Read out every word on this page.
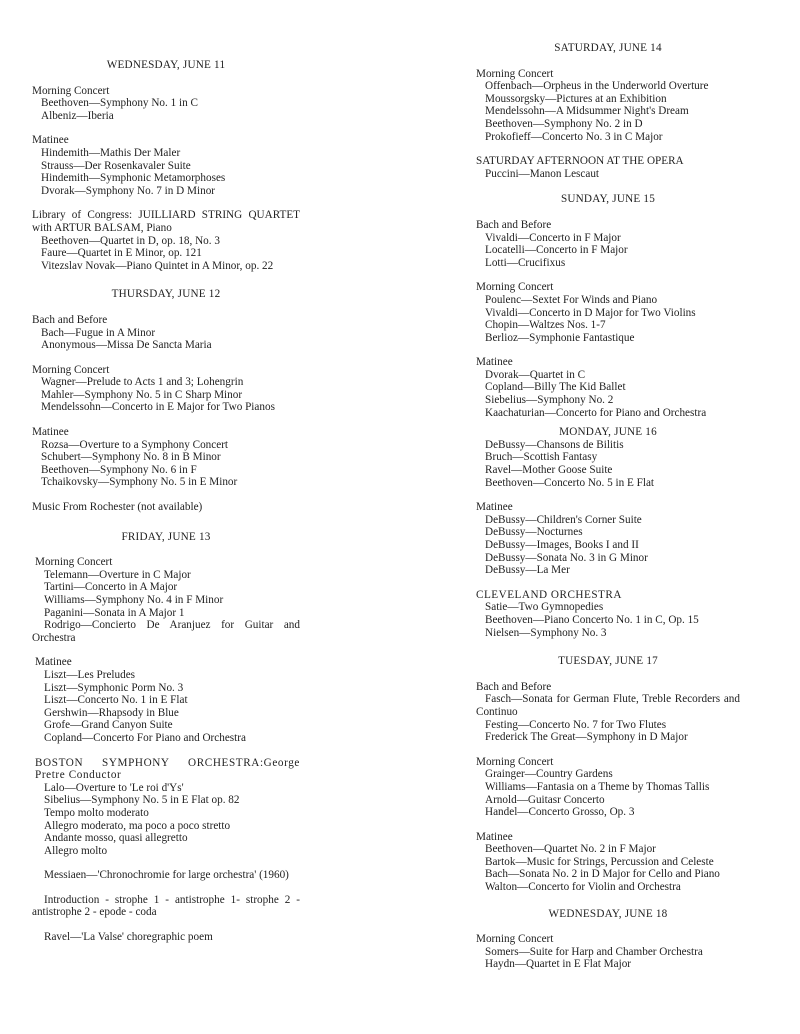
WEDNESDAY, JUNE 11
Morning Concert
Beethoven—Symphony No. 1 in C
Albeniz—Iberia
Matinee
Hindemith—Mathis Der Maler
Strauss—Der Rosenkavaler Suite
Hindemith—Symphonic Metamorphoses
Dvorak—Symphony No. 7 in D Minor
Library of Congress: JUILLIARD STRING QUARTET with ARTUR BALSAM, Piano
Beethoven—Quartet in D, op. 18, No. 3
Faure—Quartet in E Minor, op. 121
Vitezslav Novak—Piano Quintet in A Minor, op. 22
THURSDAY, JUNE 12
Bach and Before
Bach—Fugue in A Minor
Anonymous—Missa De Sancta Maria
Morning Concert
Wagner—Prelude to Acts 1 and 3; Lohengrin
Mahler—Symphony No. 5 in C Sharp Minor
Mendelssohn—Concerto in E Major for Two Pianos
Matinee
Rozsa—Overture to a Symphony Concert
Schubert—Symphony No. 8 in B Minor
Beethoven—Symphony No. 6 in F
Tchaikovsky—Symphony No. 5 in E Minor
Music From Rochester (not available)
FRIDAY, JUNE 13
Morning Concert
Telemann—Overture in C Major
Tartini—Concerto in A Major
Williams—Symphony No. 4 in F Minor
Paganini—Sonata in A Major 1
Rodrigo—Concierto De Aranjuez for Guitar and Orchestra
Matinee
Liszt—Les Preludes
Liszt—Symphonic Porm No. 3
Liszt—Concerto No. 1 in E Flat
Gershwin—Rhapsody in Blue
Grofe—Grand Canyon Suite
Copland—Concerto For Piano and Orchestra
BOSTON SYMPHONY ORCHESTRA:George Pretre Conductor
Lalo—Overture to 'Le roi d'Ys'
Sibelius—Symphony No. 5 in E Flat op. 82
Tempo molto moderato
Allegro moderato, ma poco a poco stretto
Andante mosso, quasi allegretto
Allegro molto
Messiaen—'Chronochromie for large orchestra' (1960)
Introduction - strophe 1 - antistrophe 1- strophe 2 - antistrophe 2 - epode - coda
Ravel—'La Valse' choregraphic poem
SATURDAY, JUNE 14
Morning Concert
Offenbach—Orpheus in the Underworld Overture
Moussorgsky—Pictures at an Exhibition
Mendelssohn—A Midsummer Night's Dream
Beethoven—Symphony No. 2 in D
Prokofieff—Concerto No. 3 in C Major
SATURDAY AFTERNOON AT THE OPERA
Puccini—Manon Lescaut
SUNDAY, JUNE 15
Bach and Before
Vivaldi—Concerto in F Major
Locatelli—Concerto in F Major
Lotti—Crucifixus
Morning Concert
Poulenc—Sextet For Winds and Piano
Vivaldi—Concerto in D Major for Two Violins
Chopin—Waltzes Nos. 1-7
Berlioz—Symphonie Fantastique
Matinee
Dvorak—Quartet in C
Copland—Billy The Kid Ballet
Siebelius—Symphony No. 2
Kaachaturian—Concerto for Piano and Orchestra
MONDAY, JUNE 16
DeBussy—Chansons de Bilitis
Bruch—Scottish Fantasy
Ravel—Mother Goose Suite
Beethoven—Concerto No. 5 in E Flat
Matinee
DeBussy—Children's Corner Suite
DeBussy—Nocturnes
DeBussy—Images, Books I and II
DeBussy—Sonata No. 3 in G Minor
DeBussy—La Mer
CLEVELAND ORCHESTRA
Satie—Two Gymnopedies
Beethoven—Piano Concerto No. 1 in C, Op. 15
Nielsen—Symphony No. 3
TUESDAY, JUNE 17
Bach and Before
Fasch—Sonata for German Flute, Treble Recorders and Continuo
Festing—Concerto No. 7 for Two Flutes
Frederick The Great—Symphony in D Major
Morning Concert
Grainger—Country Gardens
Williams—Fantasia on a Theme by Thomas Tallis
Arnold—Guitasr Concerto
Handel—Concerto Grosso, Op. 3
Matinee
Beethoven—Quartet No. 2 in F Major
Bartok—Music for Strings, Percussion and Celeste
Bach—Sonata No. 2 in D Major for Cello and Piano
Walton—Concerto for Violin and Orchestra
WEDNESDAY, JUNE 18
Morning Concert
Somers—Suite for Harp and Chamber Orchestra
Haydn—Quartet in E Flat Major
